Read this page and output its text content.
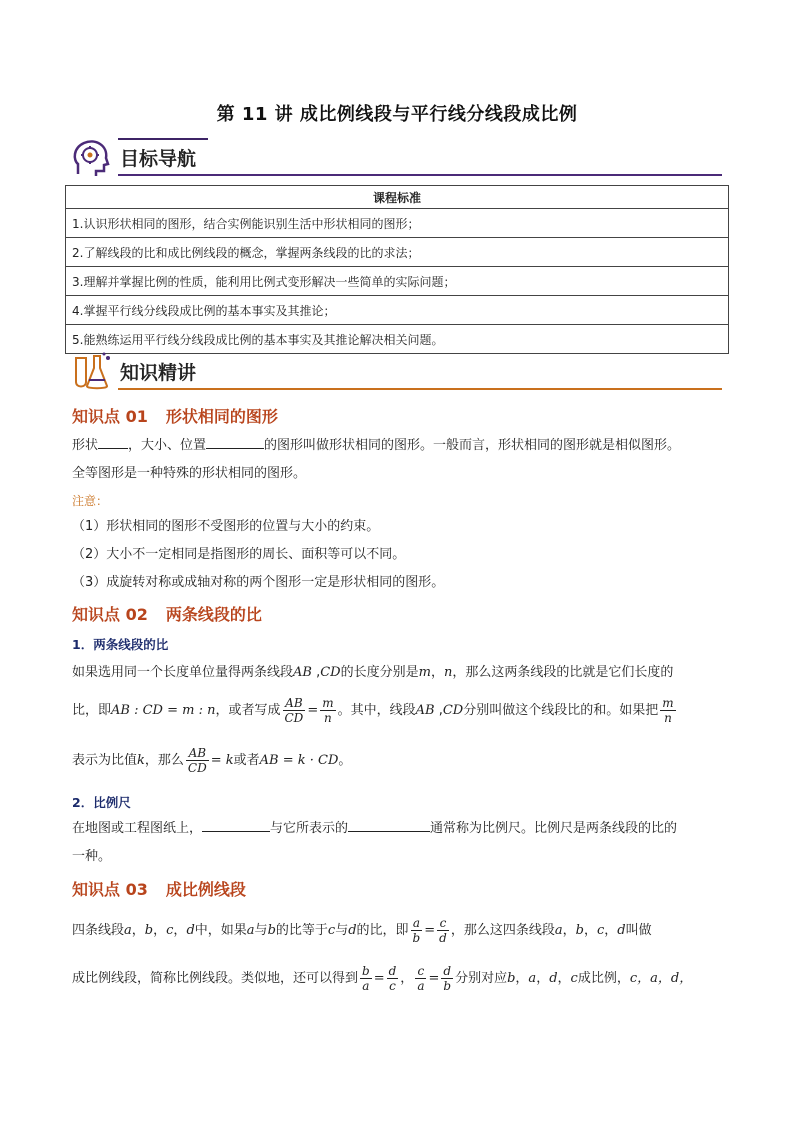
第 11 讲 成比例线段与平行线分线段成比例
目标导航
课程标准
1.认识形状相同的图形，结合实例能识别生活中形状相同的图形；
2.了解线段的比和成比例线段的概念，掌握两条线段的比的求法；
3.理解并掌握比例的性质，能利用比例式变形解决一些简单的实际问题；
4.掌握平行线分线段成比例的基本事实及其推论；
5.能熟练运用平行线分线段成比例的基本事实及其推论解决相关问题。
知识精讲
知识点 01 形状相同的图形
形状 ，大小、位置	的图形叫做形状相同的图形。一般而言，形状相同的图形就是相似图形。
全等图形是一种特殊的形状相同的图形。
注意：
（1）形状相同的图形不受图形的位置与大小的约束。
（2）大小不一定相同是指图形的周长、面积等可以不同。
（3）成旋转对称或成轴对称的两个图形一定是形状相同的图形。
知识点 02 两条线段的比
1．两条线段的比
如果选用同一个长度单位量得两条线段AB ,CD的长度分别是m，n，那么这两条线段的比就是它们长度的
比，即AB : CD = m : n，或者写成 $\frac{AB}{CD} = \frac{m}{n}$ 。其中，线段AB ,CD分别叫做这个线段比的和。如果把 $\frac{m}{n}$
表示为比值k，那么 $\frac{AB}{CD} = k$或者AB = k · CD。
2．比例尺
在地图或工程图纸上，	与它所表示的	通常称为比例尺。比例尺是两条线段的比的
一种。
知识点 03 成比例线段
四条线段a，b，c，d中，如果a与b的比等于c与d的比，即 $\frac{a}{b} = \frac{c}{d}$ ，那么这四条线段a，b，c，d叫做
成比例线段，简称比例线段。类似地，还可以得到 $\frac{b}{a} = \frac{d}{c}$ ， $\frac{c}{a} = \frac{d}{b}$ 分别对应b，a，d，c成比例，c，a，d，
